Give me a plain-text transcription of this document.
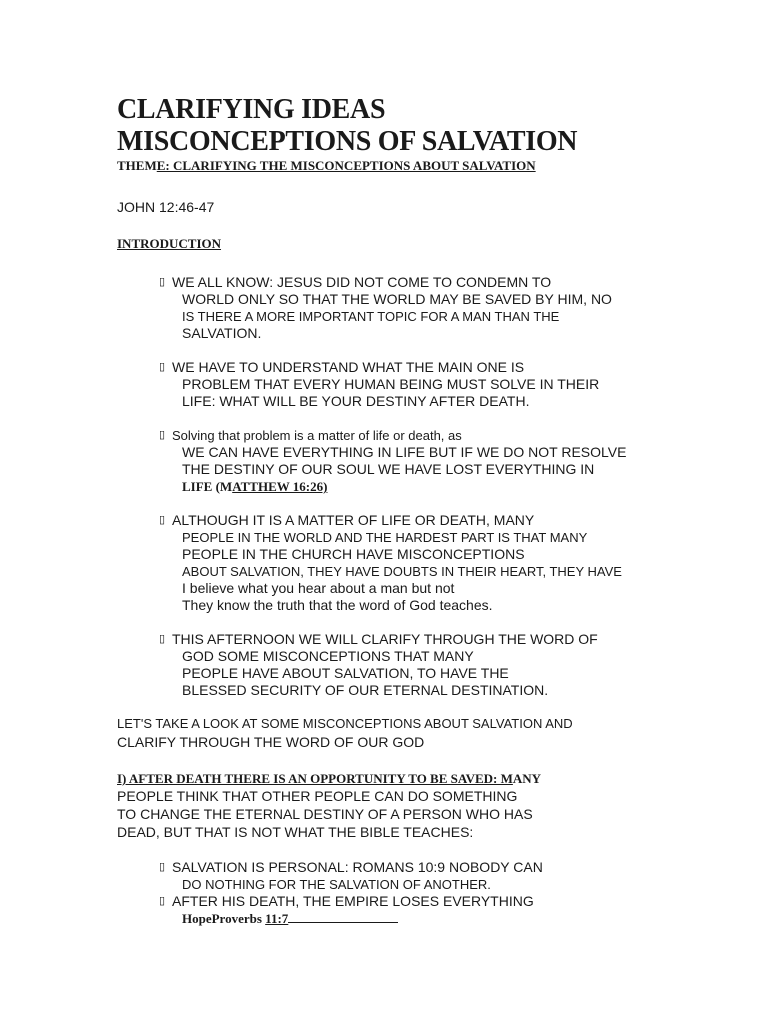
CLARIFYING IDEAS
MISCONCEPTIONS OF SALVATION

THEME: CLARIFYING THE MISCONCEPTIONS ABOUT SALVATION

JOHN 12:46-47
INTRODUCTION
▯ WE ALL KNOW: JESUS DID NOT COME TO CONDEMN TO
WORLD ONLY SO THAT THE WORLD MAY BE SAVED BY HIM, NO
IS THERE A MORE IMPORTANT TOPIC FOR A MAN THAN THE
SALVATION.
▯ WE HAVE TO UNDERSTAND WHAT THE MAIN ONE IS
PROBLEM THAT EVERY HUMAN BEING MUST SOLVE IN THEIR
LIFE: WHAT WILL BE YOUR DESTINY AFTER DEATH.
▯ Solving that problem is a matter of life or death, as
WE CAN HAVE EVERYTHING IN LIFE BUT IF WE DO NOT RESOLVE
THE DESTINY OF OUR SOUL WE HAVE LOST EVERYTHING IN
LIFE (MATTHEW 16:26)
▯ ALTHOUGH IT IS A MATTER OF LIFE OR DEATH, MANY
PEOPLE IN THE WORLD AND THE HARDEST PART IS THAT MANY
PEOPLE IN THE CHURCH HAVE MISCONCEPTIONS
ABOUT SALVATION, THEY HAVE DOUBTS IN THEIR HEART, THEY HAVE
I believe what you hear about a man but not
They know the truth that the word of God teaches.
▯ THIS AFTERNOON WE WILL CLARIFY THROUGH THE WORD OF
GOD SOME MISCONCEPTIONS THAT MANY
PEOPLE HAVE ABOUT SALVATION, TO HAVE THE
BLESSED SECURITY OF OUR ETERNAL DESTINATION.
LET'S TAKE A LOOK AT SOME MISCONCEPTIONS ABOUT SALVATION AND
CLARIFY THROUGH THE WORD OF OUR GOD
I) AFTER DEATH THERE IS AN OPPORTUNITY TO BE SAVED: MANY
PEOPLE THINK THAT OTHER PEOPLE CAN DO SOMETHING
TO CHANGE THE ETERNAL DESTINY OF A PERSON WHO HAS
DEAD, BUT THAT IS NOT WHAT THE BIBLE TEACHES:
▯ SALVATION IS PERSONAL: ROMANS 10:9 NOBODY CAN
DO NOTHING FOR THE SALVATION OF ANOTHER.
▯ AFTER HIS DEATH, THE EMPIRE LOSES EVERYTHING
HopeProverbs 11:7
